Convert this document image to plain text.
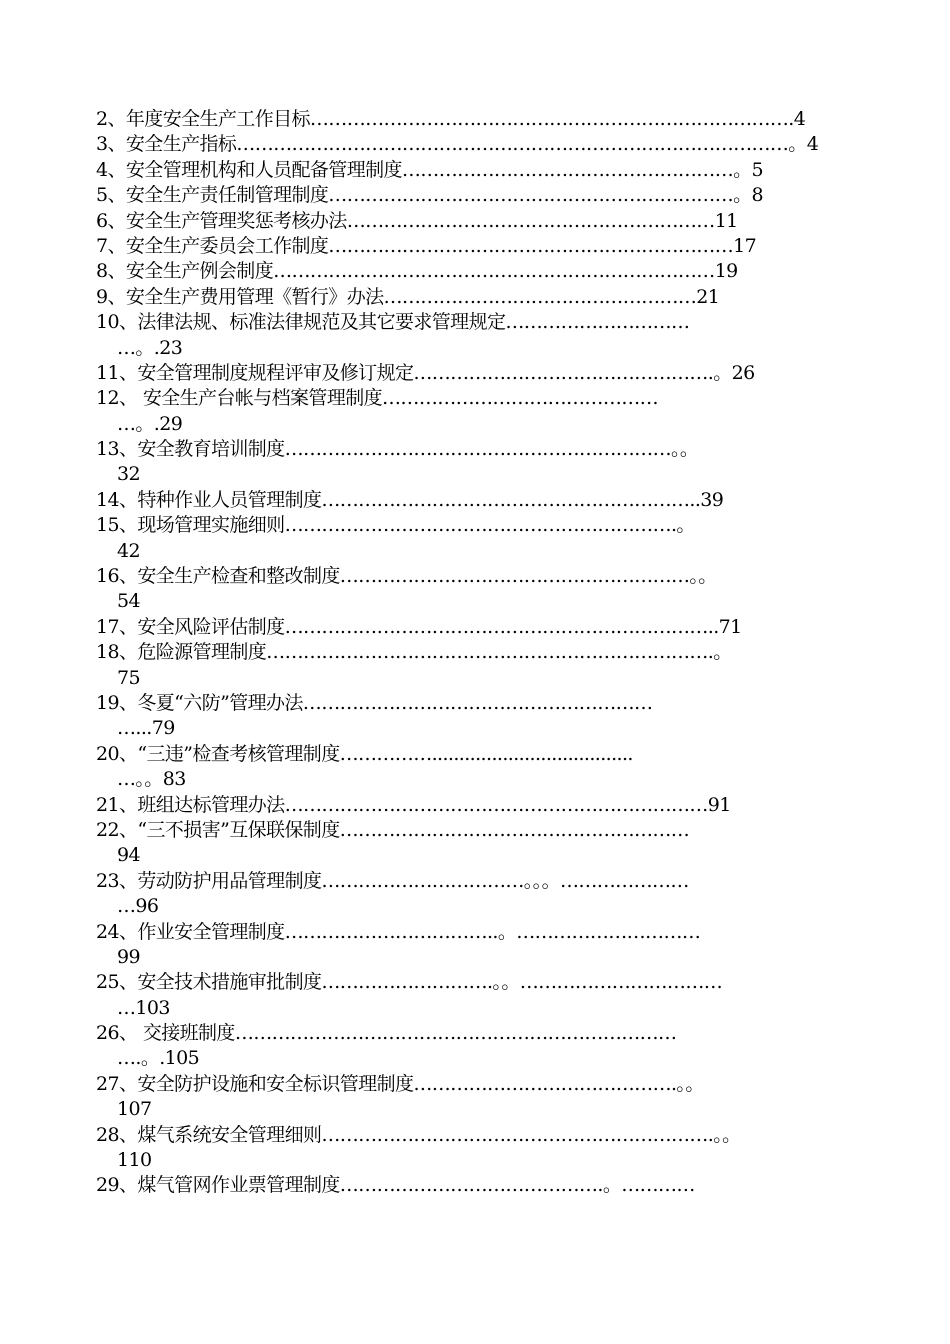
2、年度安全生产工作目标…………………………………………………………………….4
3、安全生产指标………………………………………………………………………………。4
4、安全管理机构和人员配备管理制度………………………………………………。5
5、安全生产责任制管理制度…………………………………………………………。8
6、安全生产管理奖惩考核办法……………………………………………………11
7、安全生产委员会工作制度…………………………………………………………17
8、安全生产例会制度………………………………………………………………19
9、安全生产费用管理《暂行》办法……………………………………………21
10、法律法规、标准法律规范及其它要求管理规定…………………………
…。.23
11、安全管理制度规程评审及修订规定………………………………………….。26
12、 安全生产台帐与档案管理制度………………………………………
…。.29
13、安全教育培训制度………………………………………………………。。
32
14、特种作业人员管理制度……………………………………………………..39
15、现场管理实施细则……………………………………………………….。
42
16、安全生产检查和整改制度…………………………………………………。。
54
17、安全风险评估制度……………………………………………………………..71
18、危险源管理制度……………………………………………………………….。
75
19、冬夏“六防”管理办法…………………………………………………
…...79
20、“三违”检查考核管理制度…………….....................................
…。。83
21、班组达标管理办法……………………………………………………………91
22、“三不损害”互保联保制度…………………………………………………
94
23、劳动防护用品管理制度……………………………。。。…………………
…96
24、作业安全管理制度……………………………..。…………………………
99
25、安全技术措施审批制度……………………….。。……………………………
…103
26、 交接班制度………………………………………………………………
….。.105
27、安全防护设施和安全标识管理制度…………………………………….。。
107
28、煤气系统安全管理细则……………………………………………………….。。
110
29、煤气管网作业票管理制度…………………………………….。…………
